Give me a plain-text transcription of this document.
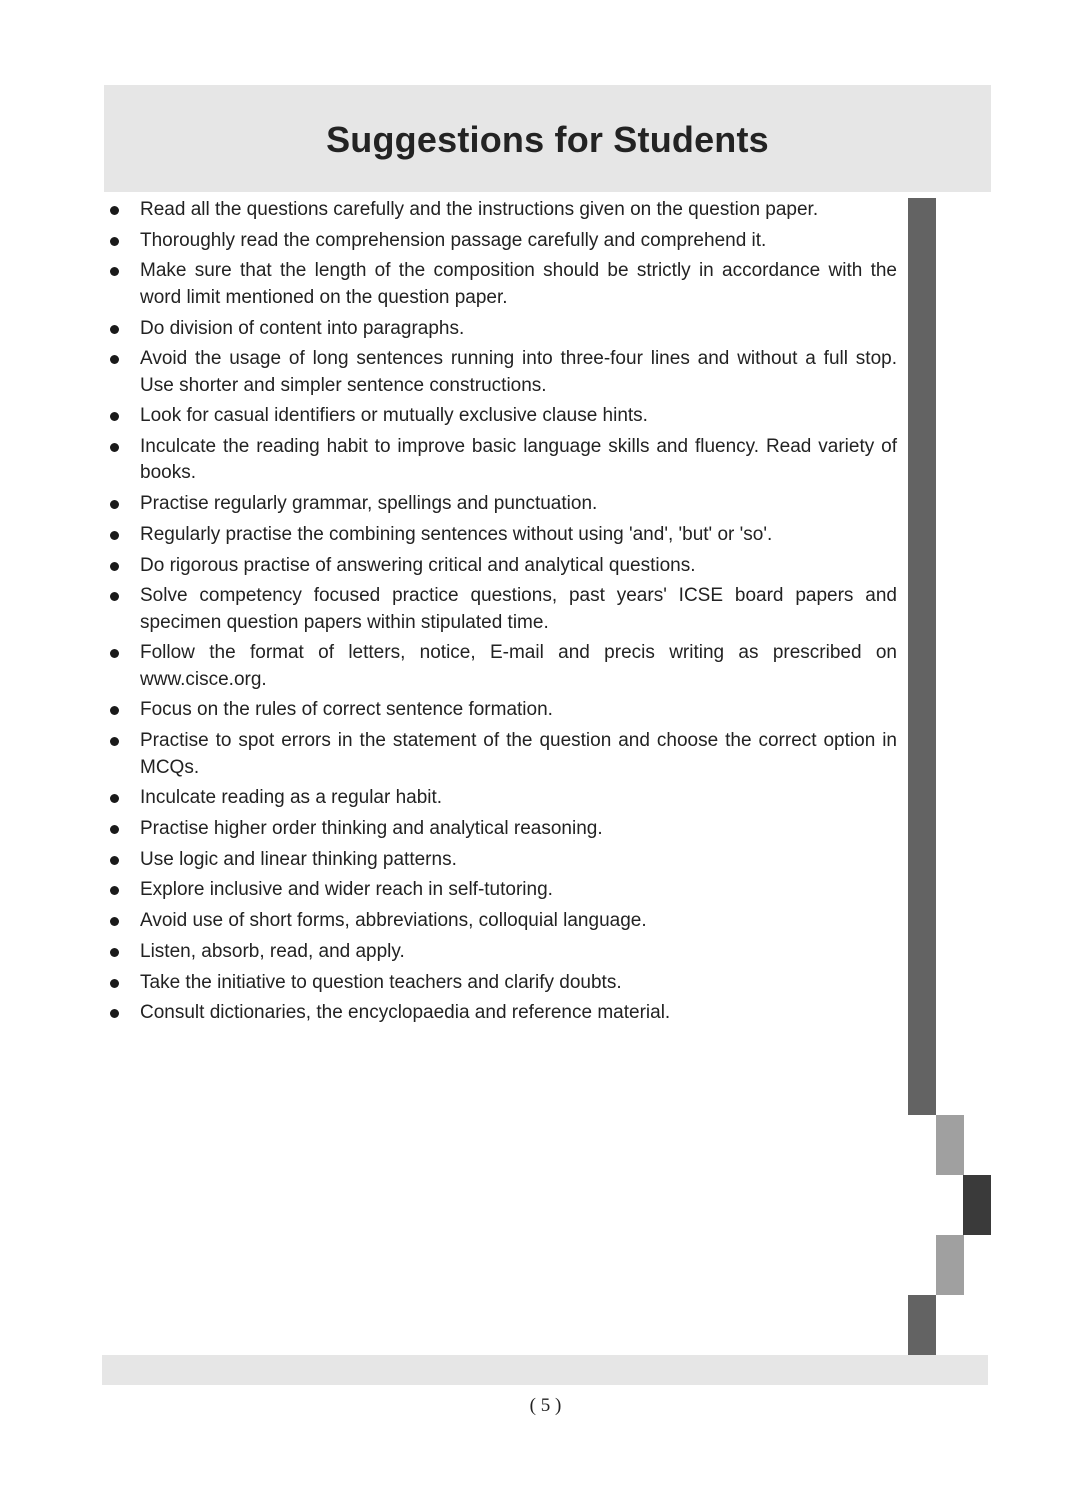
Suggestions for Students
Read all the questions carefully and the instructions given on the question paper.
Thoroughly read the comprehension passage carefully and comprehend it.
Make sure that the length of the composition should be strictly in accordance with the word limit mentioned on the question paper.
Do division of content into paragraphs.
Avoid the usage of long sentences running into three-four lines and without a full stop. Use shorter and simpler sentence constructions.
Look for casual identifiers or mutually exclusive clause hints.
Inculcate the reading habit to improve basic language skills and fluency. Read variety of books.
Practise regularly grammar, spellings and punctuation.
Regularly practise the combining sentences without using 'and', 'but' or 'so'.
Do rigorous practise of answering critical and analytical questions.
Solve competency focused practice questions, past years' ICSE board papers and specimen question papers within stipulated time.
Follow the format of letters, notice, E-mail and precis writing as prescribed on www.cisce.org.
Focus on the rules of correct sentence formation.
Practise to spot errors in the statement of the question and choose the correct option in MCQs.
Inculcate reading as a regular habit.
Practise higher order thinking and analytical reasoning.
Use logic and linear thinking patterns.
Explore inclusive and wider reach in self-tutoring.
Avoid use of short forms, abbreviations, colloquial language.
Listen, absorb, read, and apply.
Take the initiative to question teachers and clarify doubts.
Consult dictionaries, the encyclopaedia and reference material.
( 5 )
